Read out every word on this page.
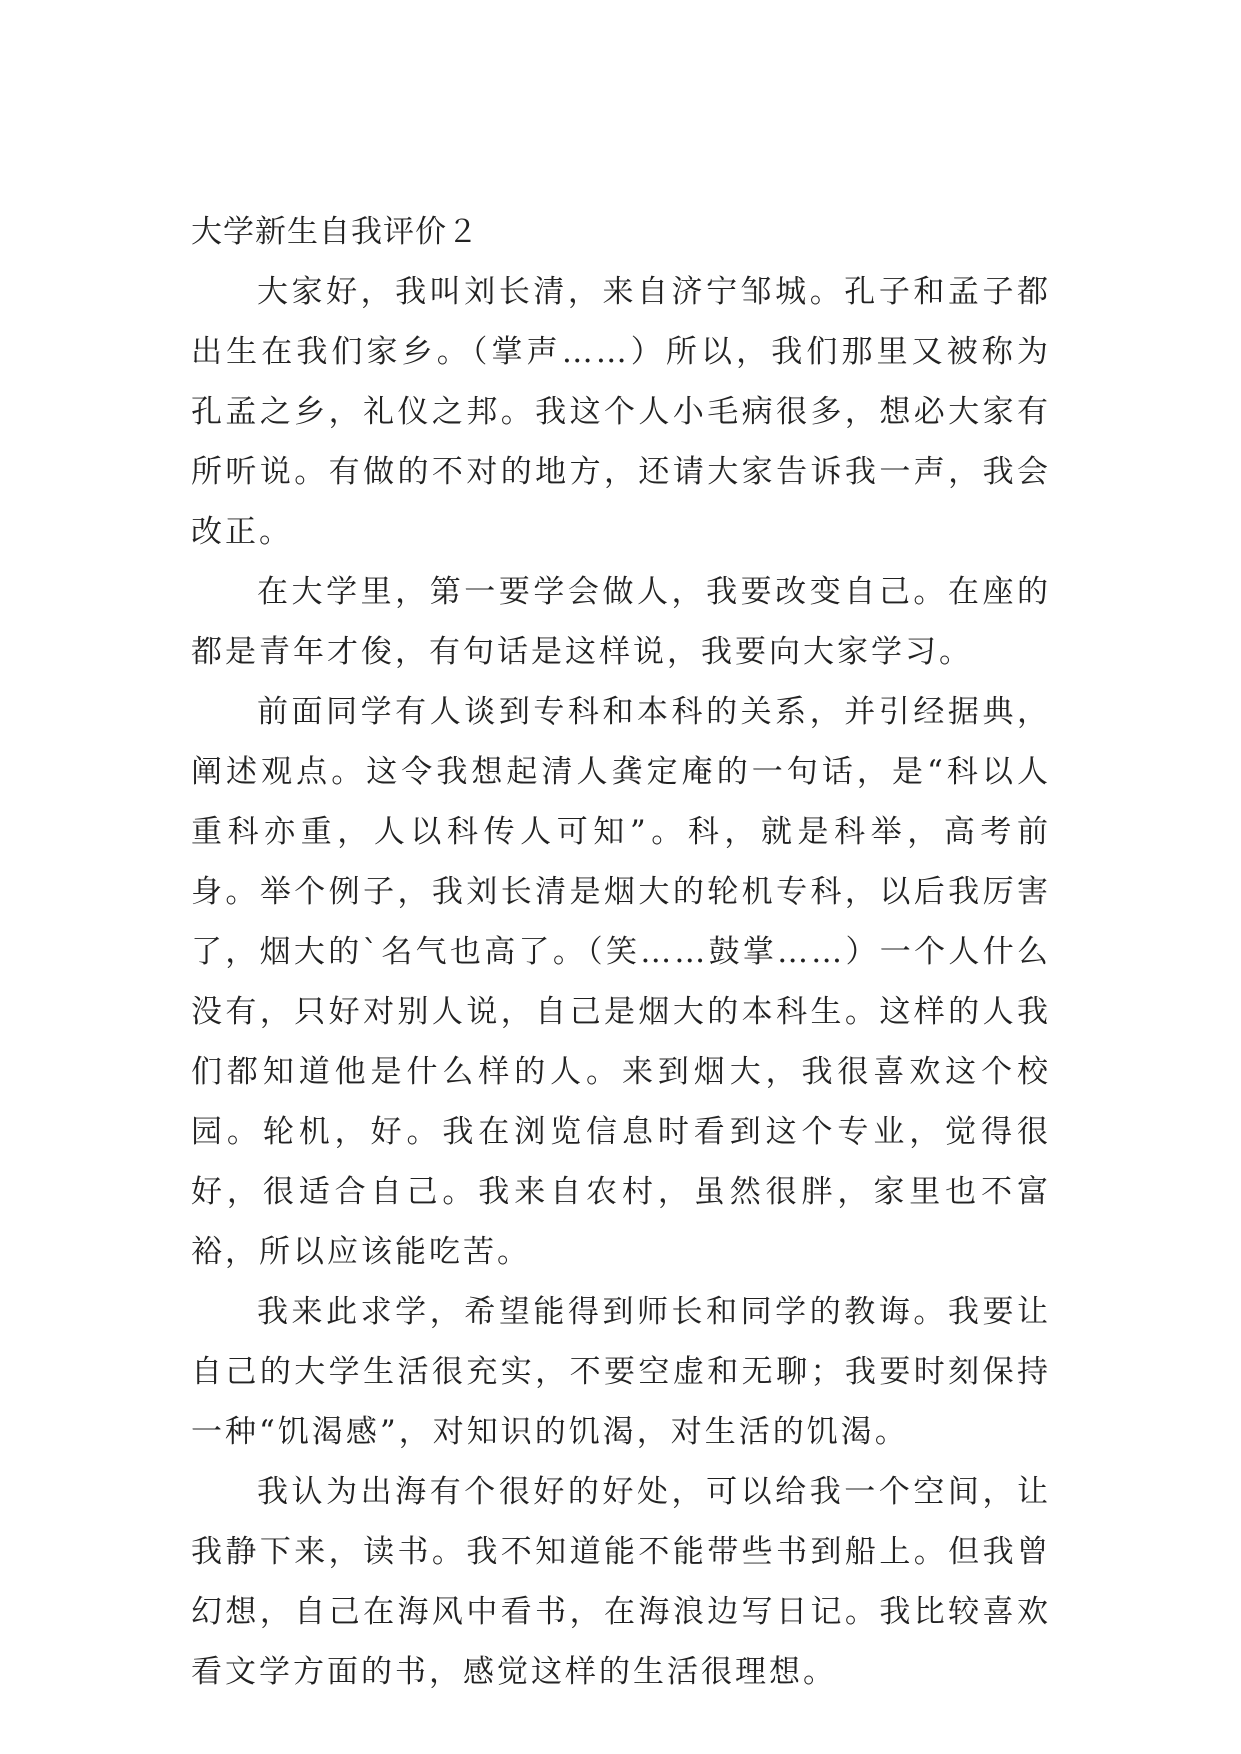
大学新生自我评价２

大家好，我叫刘长清，来自济宁邹城。孔子和孟子都出生在我们家乡。（掌声……）所以，我们那里又被称为孔孟之乡，礼仪之邦。我这个人小毛病很多，想必大家有所听说。有做的不对的地方，还请大家告诉我一声，我会改正。

在大学里，第一要学会做人，我要改变自己。在座的都是青年才俊，有句话是这样说，我要向大家学习。

前面同学有人谈到专科和本科的关系，并引经据典，阐述观点。这令我想起清人龚定庵的一句话，是“科以人重科亦重，人以科传人可知”。科，就是科举，高考前身。举个例子，我刘长清是烟大的轮机专科，以后我厉害了，烟大的`名气也高了。（笑……鼓掌……）一个人什么没有，只好对别人说，自己是烟大的本科生。这样的人我们都知道他是什么样的人。来到烟大，我很喜欢这个校园。轮机，好。我在浏览信息时看到这个专业，觉得很好，很适合自己。我来自农村，虽然很胖，家里也不富裕，所以应该能吃苦。

我来此求学，希望能得到师长和同学的教诲。我要让自己的大学生活很充实，不要空虚和无聊；我要时刻保持一种“饥渴感”，对知识的饥渴，对生活的饥渴。

我认为出海有个很好的好处，可以给我一个空间，让我静下来，读书。我不知道能不能带些书到船上。但我曾幻想，自己在海风中看书，在海浪边写日记。我比较喜欢看文学方面的书，感觉这样的生活很理想。
